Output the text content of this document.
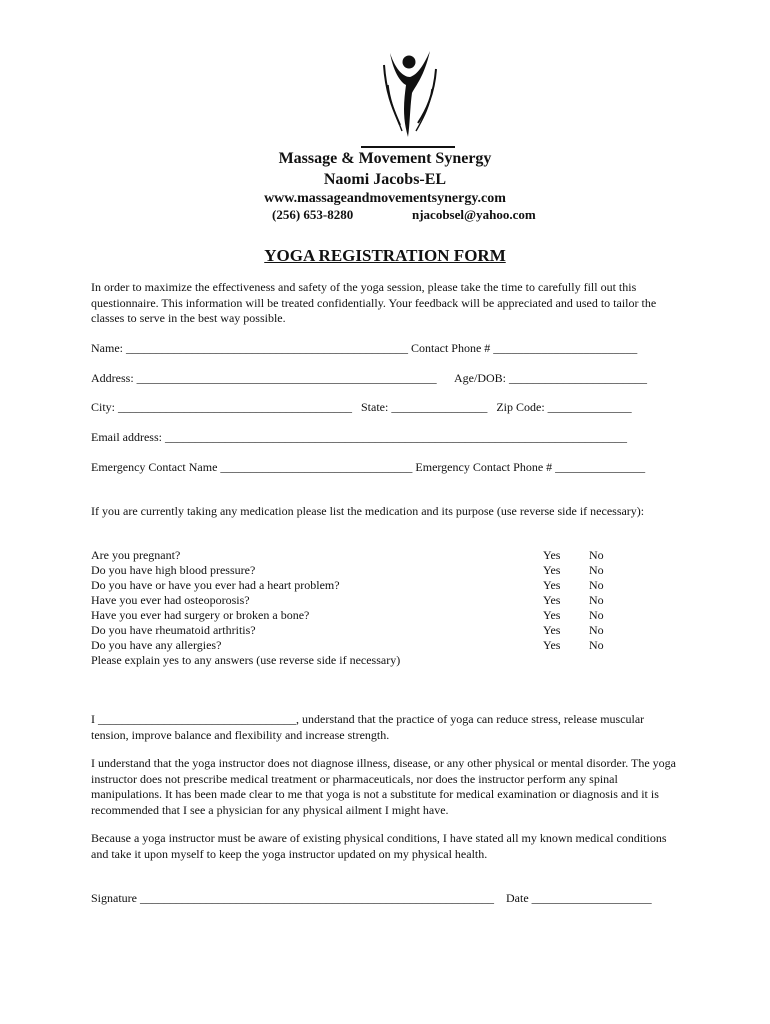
Massage & Movement Synergy
Naomi Jacobs-EL
www.massageandmovementsynergy.com
(256) 653-8280	njacobsel@yahoo.com
YOGA REGISTRATION FORM
In order to maximize the effectiveness and safety of the yoga session, please take the time to carefully fill out this questionnaire. This information will be treated confidentially. Your feedback will be appreciated and used to tailor the classes to serve in the best way possible.
Name: _______________________________________________ Contact Phone # ________________________
Address: __________________________________________________      Age/DOB: _______________________
City: _______________________________________   State: ________________   Zip Code: ______________
Email address: _____________________________________________________________________________
Emergency Contact Name ________________________________ Emergency Contact Phone # _______________
If you are currently taking any medication please list the medication and its purpose (use reverse side if necessary):
Are you pregnant?	Yes No
Do you have high blood pressure?	Yes No
Do you have or have you ever had a heart problem?	Yes No
Have you ever had osteoporosis?	Yes No
Have you ever had surgery or broken a bone?	Yes No
Do you have rheumatoid arthritis?	Yes No
Do you have any allergies?	Yes No
Please explain yes to any answers (use reverse side if necessary)
I _________________________________, understand that the practice of yoga can reduce stress, release muscular tension, improve balance and flexibility and increase strength.
I understand that the yoga instructor does not diagnose illness, disease, or any other physical or mental disorder. The yoga instructor does not prescribe medical treatment or pharmaceuticals, nor does the instructor perform any spinal manipulations. It has been made clear to me that yoga is not a substitute for medical examination or diagnosis and it is recommended that I see a physician for any physical ailment I might have.
Because a yoga instructor must be aware of existing physical conditions, I have stated all my known medical conditions and take it upon myself to keep the yoga instructor updated on my physical health.
Signature ___________________________________________________________    Date ____________________
